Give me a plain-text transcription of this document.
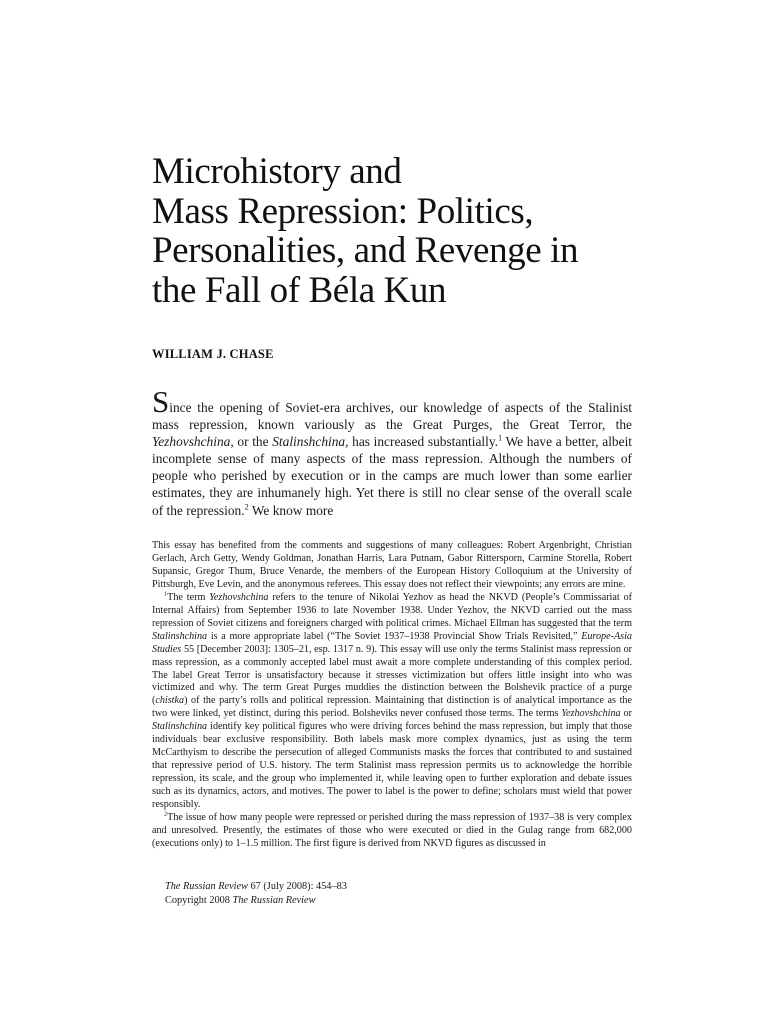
Microhistory and
Mass Repression: Politics,
Personalities, and Revenge in
the Fall of Béla Kun

WILLIAM J. CHASE

Since the opening of Soviet-era archives, our knowledge of aspects of the Stalinist mass repression, known variously as the Great Purges, the Great Terror, the Yezhovshchina, or the Stalinshchina, has increased substantially.$^1$ We have a better, albeit incomplete sense of many aspects of the mass repression. Although the numbers of people who perished by execution or in the camps are much lower than some earlier estimates, they are inhumanely high. Yet there is still no clear sense of the overall scale of the repression.$^2$ We know more

This essay has benefited from the comments and suggestions of many colleagues: Robert Argenbright, Christian Gerlach, Arch Getty, Wendy Goldman, Jonathan Harris, Lara Putnam, Gabor Rittersporn, Carmine Storella, Robert Supansic, Gregor Thum, Bruce Venarde, the members of the European History Colloquium at the University of Pittsburgh, Eve Levin, and the anonymous referees. This essay does not reflect their viewpoints; any errors are mine.

$^1$The term Yezhovshchina refers to the tenure of Nikolai Yezhov as head the NKVD (People’s Commissariat of Internal Affairs) from September 1936 to late November 1938. Under Yezhov, the NKVD carried out the mass repression of Soviet citizens and foreigners charged with political crimes. Michael Ellman has suggested that the term Stalinshchina is a more appropriate label (“The Soviet 1937–1938 Provincial Show Trials Revisited,” Europe-Asia Studies 55 [December 2003]: 1305–21, esp. 1317 n. 9). This essay will use only the terms Stalinist mass repression or mass repression, as a commonly accepted label must await a more complete understanding of this complex period. The label Great Terror is unsatisfactory because it stresses victimization but offers little insight into who was victimized and why. The term Great Purges muddies the distinction between the Bolshevik practice of a purge (chistka) of the party’s rolls and political repression. Maintaining that distinction is of analytical importance as the two were linked, yet distinct, during this period. Bolsheviks never confused those terms. The terms Yezhovshchina or Stalinshchina identify key political figures who were driving forces behind the mass repression, but imply that those individuals bear exclusive responsibility. Both labels mask more complex dynamics, just as using the term McCarthyism to describe the persecution of alleged Communists masks the forces that contributed to and sustained that repressive period of U.S. history. The term Stalinist mass repression permits us to acknowledge the horrible repression, its scale, and the group who implemented it, while leaving open to further exploration and debate issues such as its dynamics, actors, and motives. The power to label is the power to define; scholars must wield that power responsibly.

$^2$The issue of how many people were repressed or perished during the mass repression of 1937–38 is very complex and unresolved. Presently, the estimates of those who were executed or died in the Gulag range from 682,000 (executions only) to 1–1.5 million. The first figure is derived from NKVD figures as discussed in

The Russian Review 67 (July 2008): 454–83
Copyright 2008 The Russian Review
